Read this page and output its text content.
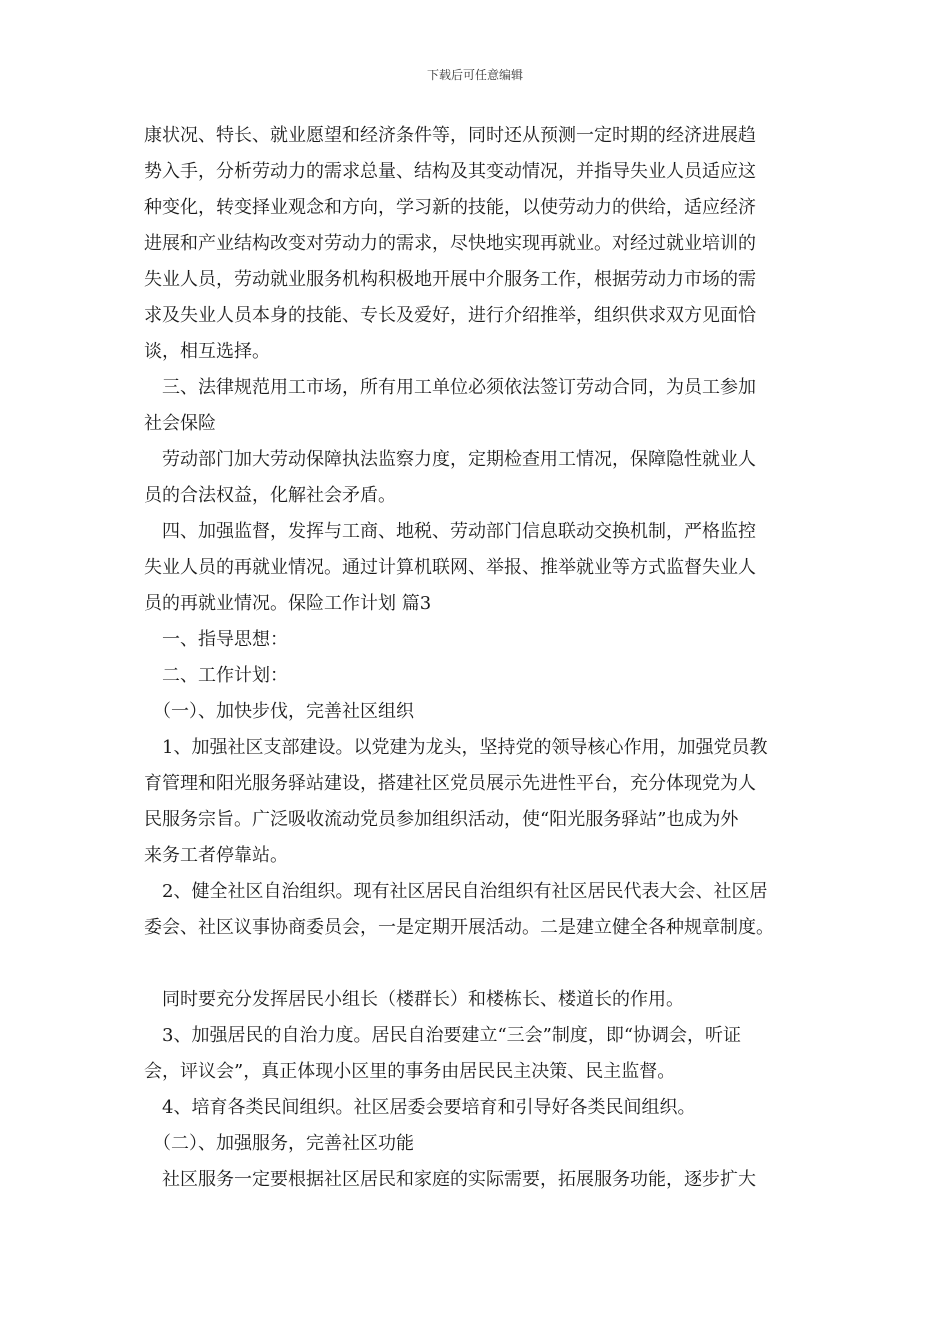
下载后可任意编辑
康状况、特长、就业愿望和经济条件等，同时还从预测一定时期的经济进展趋
势入手，分析劳动力的需求总量、结构及其变动情况，并指导失业人员适应这
种变化，转变择业观念和方向，学习新的技能，以使劳动力的供给，适应经济
进展和产业结构改变对劳动力的需求，尽快地实现再就业。对经过就业培训的
失业人员，劳动就业服务机构积极地开展中介服务工作，根据劳动力市场的需
求及失业人员本身的技能、专长及爱好，进行介绍推举，组织供求双方见面恰
谈，相互选择。
　三、法律规范用工市场，所有用工单位必须依法签订劳动合同，为员工参加
社会保险
　劳动部门加大劳动保障执法监察力度，定期检查用工情况，保障隐性就业人
员的合法权益，化解社会矛盾。
　四、加强监督，发挥与工商、地税、劳动部门信息联动交换机制，严格监控
失业人员的再就业情况。通过计算机联网、举报、推举就业等方式监督失业人
员的再就业情况。保险工作计划 篇3
　一、指导思想：
　二、工作计划：
　（一）、加快步伐，完善社区组织
　1、加强社区支部建设。以党建为龙头，坚持党的领导核心作用，加强党员教
育管理和阳光服务驿站建设，搭建社区党员展示先进性平台，充分体现党为人
民服务宗旨。广泛吸收流动党员参加组织活动，使“阳光服务驿站”也成为外
来务工者停靠站。
　2、健全社区自治组织。现有社区居民自治组织有社区居民代表大会、社区居
委会、社区议事协商委员会，一是定期开展活动。二是建立健全各种规章制度。
　同时要充分发挥居民小组长（楼群长）和楼栋长、楼道长的作用。
　3、加强居民的自治力度。居民自治要建立“三会”制度，即“协调会，听证
会，评议会”，真正体现小区里的事务由居民民主决策、民主监督。
　4、培育各类民间组织。社区居委会要培育和引导好各类民间组织。
　（二）、加强服务，完善社区功能
　社区服务一定要根据社区居民和家庭的实际需要，拓展服务功能，逐步扩大
